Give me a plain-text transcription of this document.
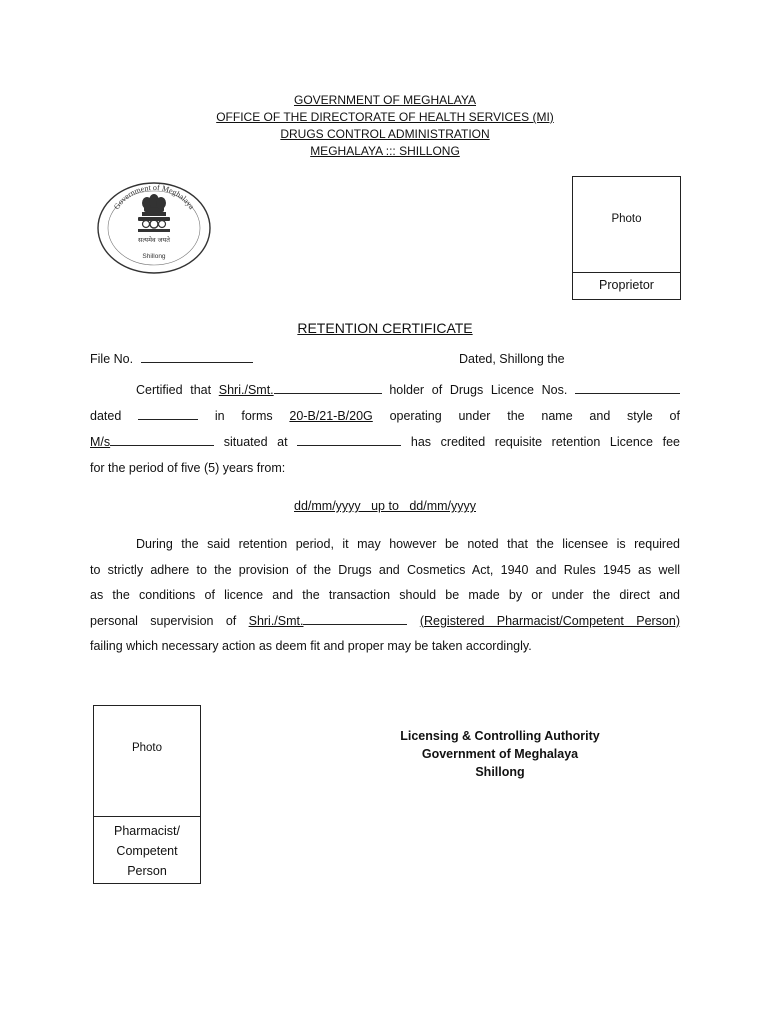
GOVERNMENT OF MEGHALAYA
OFFICE OF THE DIRECTORATE OF HEALTH SERVICES (MI)
DRUGS CONTROL ADMINISTRATION
MEGHALAYA ::: SHILLONG
Government of Meghalaya
सत्यमेव जयते
Shillong
Photo
Proprietor
RETENTION CERTIFICATE
File No.	Dated, Shillong the
Certified that Shri./Smt.	holder of Drugs Licence Nos.
dated	in forms 20-B/21-B/20G operating under the name and style of
M/s	situated at	has credited requisite retention Licence fee
for the period of five (5) years from:
dd/mm/yyyy   up to   dd/mm/yyyy
During the said retention period, it may however be noted that the licensee is required
to strictly adhere to the provision of the Drugs and Cosmetics Act, 1940 and Rules 1945 as well
as the conditions of licence and the transaction should be made by or under the direct and
personal supervision of Shri./Smt.	(Registered Pharmacist/Competent Person)
failing which necessary action as deem fit and proper may be taken accordingly.
Photo
Pharmacist/
Competent
Person
Licensing & Controlling Authority
Government of Meghalaya
Shillong
